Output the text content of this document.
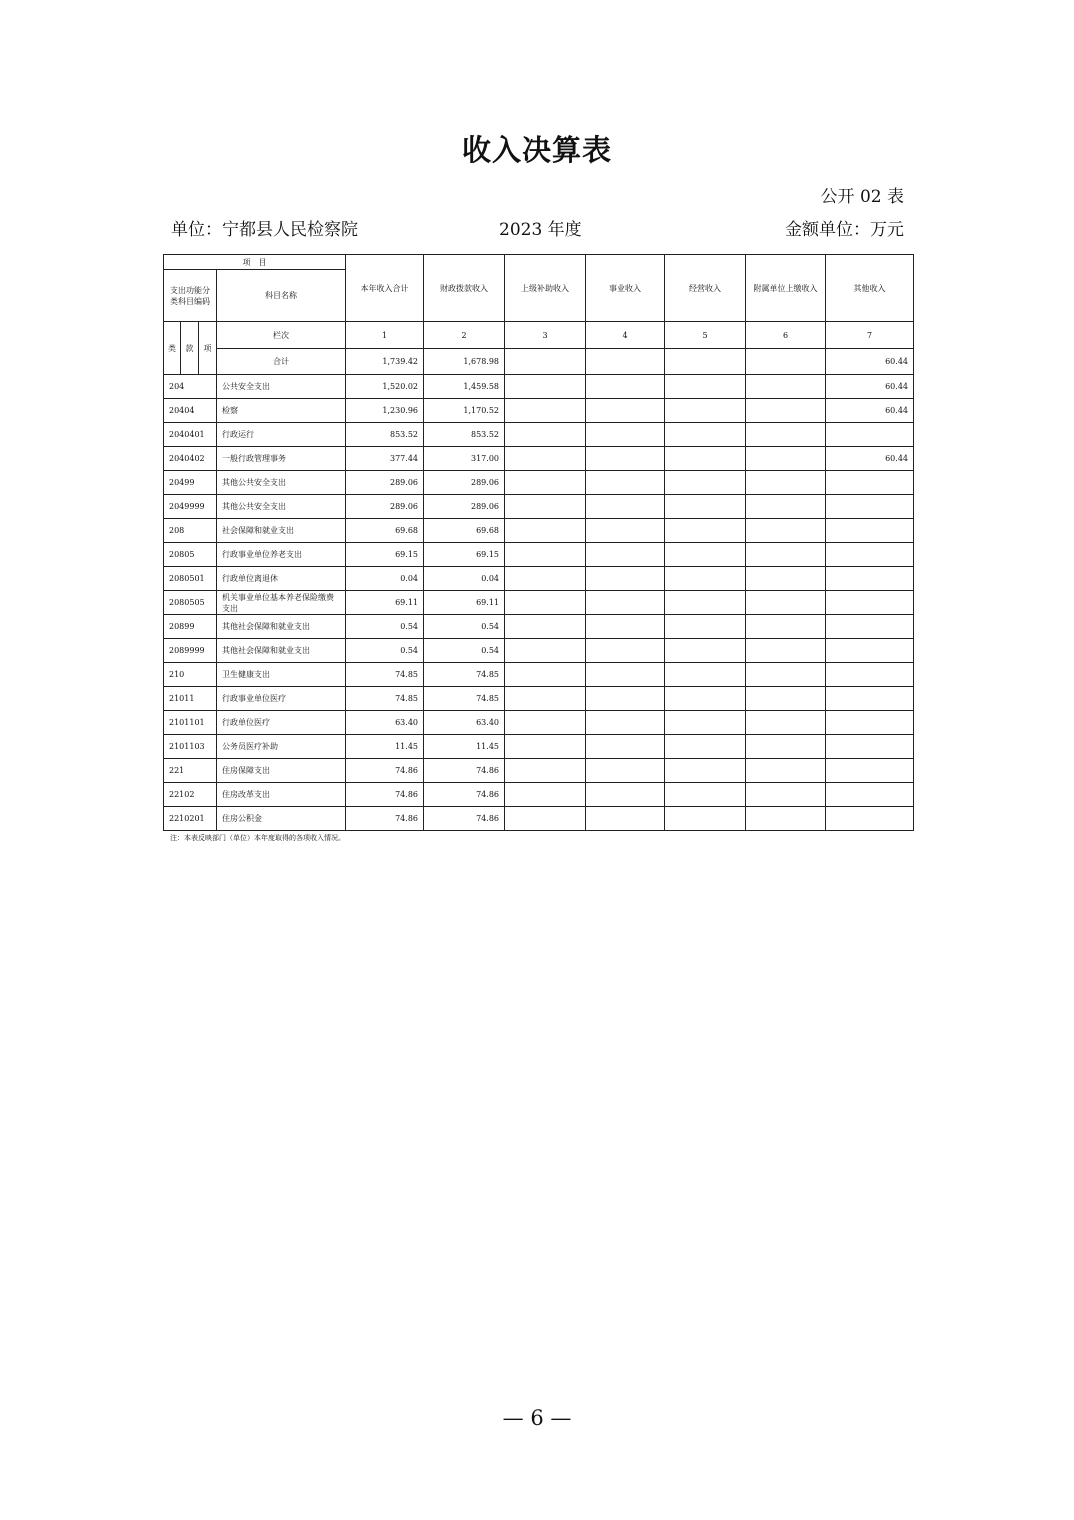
收入决算表
公开 02 表
单位：宁都县人民检察院	2023 年度	金额单位：万元
项　目				本年收入合计	财政拨款收入	上级补助收入	事业收入	经营收入	附属单位上缴收入	其他收入
支出功能分类科目编码			科目名称							
类	款	项	栏次	1	2	3	4	5	6	7
			合计	1,739.42	1,678.98					60.44
204			公共安全支出	1,520.02	1,459.58					60.44
20404			检察	1,230.96	1,170.52					60.44
2040401			行政运行	853.52	853.52					
2040402			一般行政管理事务	377.44	317.00					60.44
20499			其他公共安全支出	289.06	289.06					
2049999			其他公共安全支出	289.06	289.06					
208			社会保障和就业支出	69.68	69.68					
20805			行政事业单位养老支出	69.15	69.15					
2080501			行政单位离退休	0.04	0.04					
2080505			机关事业单位基本养老保险缴费支出	69.11	69.11					
20899			其他社会保障和就业支出	0.54	0.54					
2089999			其他社会保障和就业支出	0.54	0.54					
210			卫生健康支出	74.85	74.85					
21011			行政事业单位医疗	74.85	74.85					
2101101			行政单位医疗	63.40	63.40					
2101103			公务员医疗补助	11.45	11.45					
221			住房保障支出	74.86	74.86					
22102			住房改革支出	74.86	74.86					
2210201			住房公积金	74.86	74.86					
注：本表反映部门（单位）本年度取得的各项收入情况。
— 6 —
